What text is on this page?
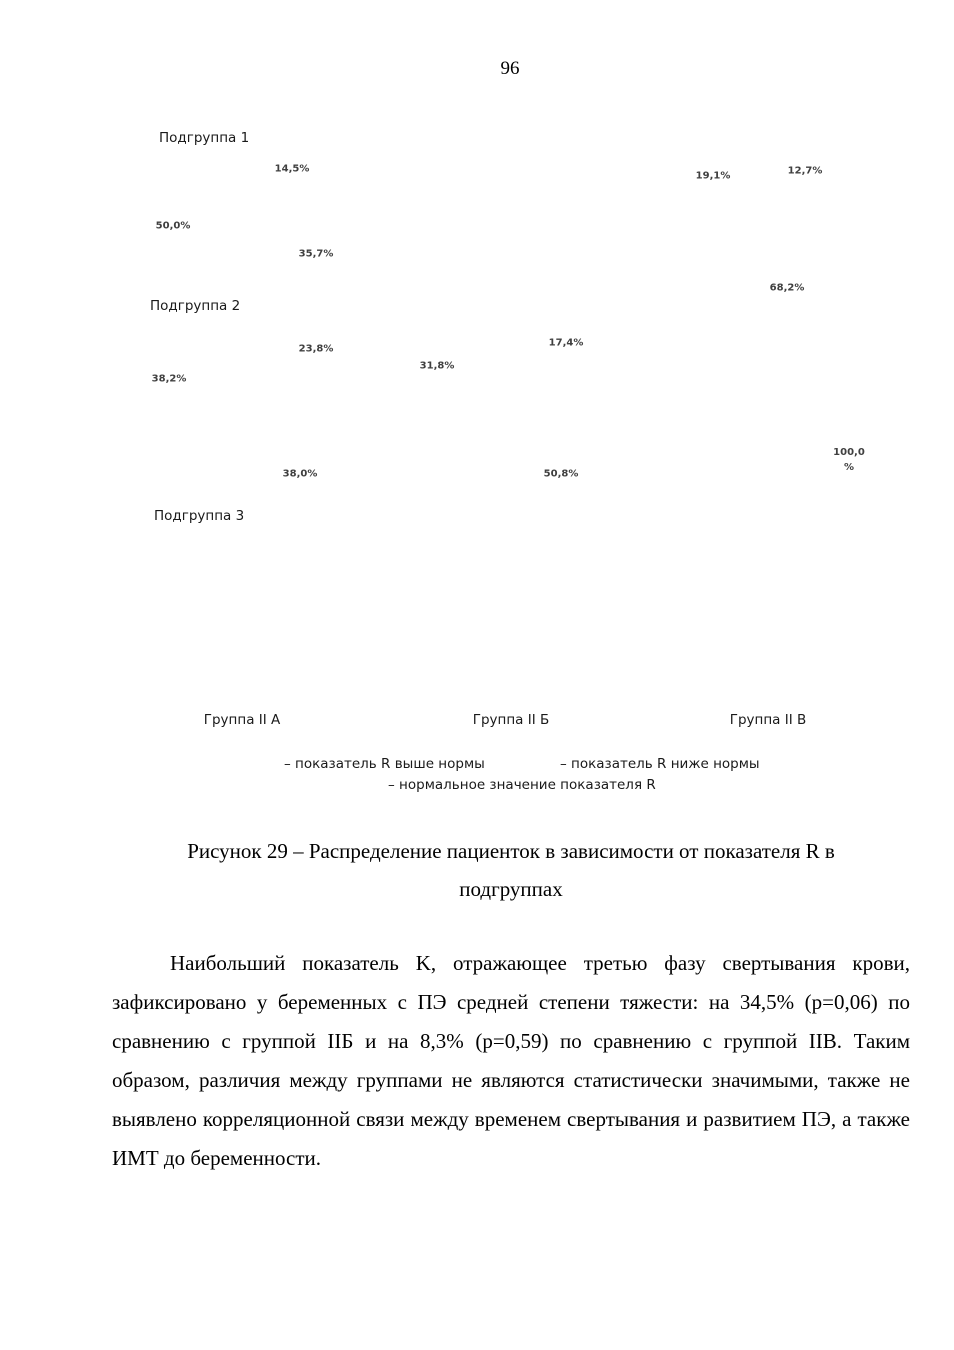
96
Подгруппа 1
Подгруппа 2
Подгруппа 3
50,0%
14,5%
35,7%
38,2%
23,8%
38,0%
31,8%
17,4%
50,8%
19,1%	12,7%
68,2%
100,0
%
Группа II А	Группа II Б	Группа II В
– показатель R выше нормы	– показатель R ниже нормы
– нормальное значение показателя R
Рисунок 29 – Распределение пациенток в зависимости от показателя R в подгруппах

Наибольший показатель K, отражающее третью фазу свертывания крови, зафиксировано у беременных с ПЭ средней степени тяжести: на 34,5% (p=0,06) по сравнению с группой IIБ и на 8,3% (p=0,59) по сравнению с группой IIВ. Таким образом, различия между группами не являются статистически значимыми, также не выявлено корреляционной связи между временем свертывания и развитием ПЭ, а также ИМТ до беременности.
